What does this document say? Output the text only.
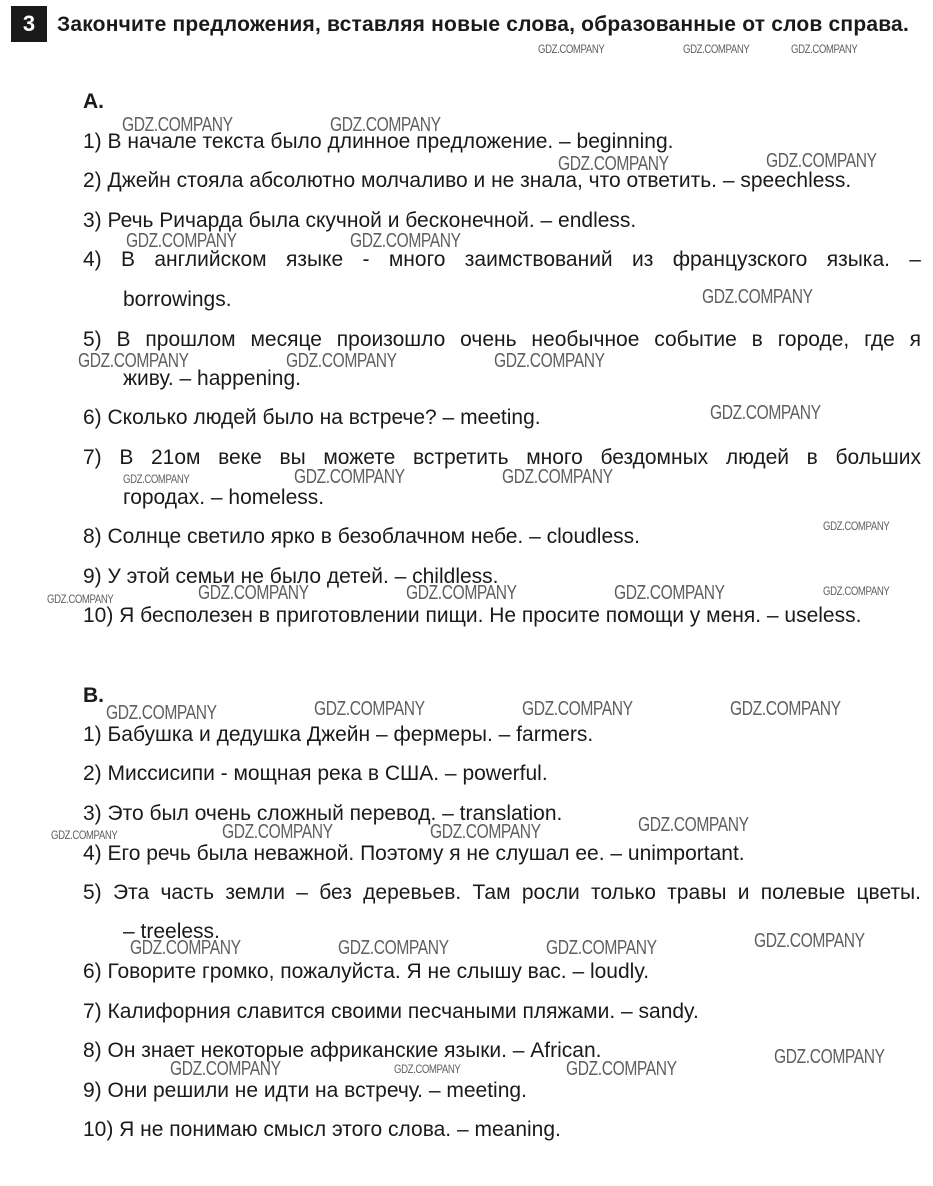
3	Закончите предложения, вставляя новые слова, образованные от слов справа.
A.
1) В начале текста было длинное предложение. – beginning.
2) Джейн стояла абсолютно молчаливо и не знала, что ответить. – speechless.
3) Речь Ричарда была скучной и бесконечной. – endless.
4) В английском языке - много заимствований из французского языка. –
borrowings.
5) В прошлом месяце произошло очень необычное событие в городе, где я
живу. – happening.
6) Сколько людей было на встрече? – meeting.
7) В 21ом веке вы можете встретить много бездомных людей в больших
городах. – homeless.
8) Солнце светило ярко в безоблачном небе. – cloudless.
9) У этой семьи не было детей. – childless.
10) Я бесполезен в приготовлении пищи. Не просите помощи у меня. – useless.
B.
1) Бабушка и дедушка Джейн – фермеры. – farmers.
2) Миссисипи - мощная река в США. – powerful.
3) Это был очень сложный перевод. – translation.
4) Его речь была неважной. Поэтому я не слушал ее. – unimportant.
5) Эта часть земли – без деревьев. Там росли только травы и полевые цветы.
– treeless.
6) Говорите громко, пожалуйста. Я не слышу вас. – loudly.
7) Калифорния славится своими песчаными пляжами. – sandy.
8) Он знает некоторые африканские языки. – African.
9) Они решили не идти на встречу. – meeting.
10) Я не понимаю смысл этого слова. – meaning.
GDZ.COMPANY	GDZ.COMPANY	GDZ.COMPANY
GDZ.COMPANY	GDZ.COMPANY
GDZ.COMPANY	GDZ.COMPANY
GDZ.COMPANY	GDZ.COMPANY
GDZ.COMPANY
GDZ.COMPANY	GDZ.COMPANY	GDZ.COMPANY
GDZ.COMPANY
GDZ.COMPANY	GDZ.COMPANY	GDZ.COMPANY
GDZ.COMPANY
GDZ.COMPANY	GDZ.COMPANY	GDZ.COMPANY	GDZ.COMPANY	GDZ.COMPANY
GDZ.COMPANY	GDZ.COMPANY	GDZ.COMPANY	GDZ.COMPANY
GDZ.COMPANY	GDZ.COMPANY	GDZ.COMPANY	GDZ.COMPANY
GDZ.COMPANY	GDZ.COMPANY	GDZ.COMPANY	GDZ.COMPANY
GDZ.COMPANY
GDZ.COMPANY	GDZ.COMPANY	GDZ.COMPANY
